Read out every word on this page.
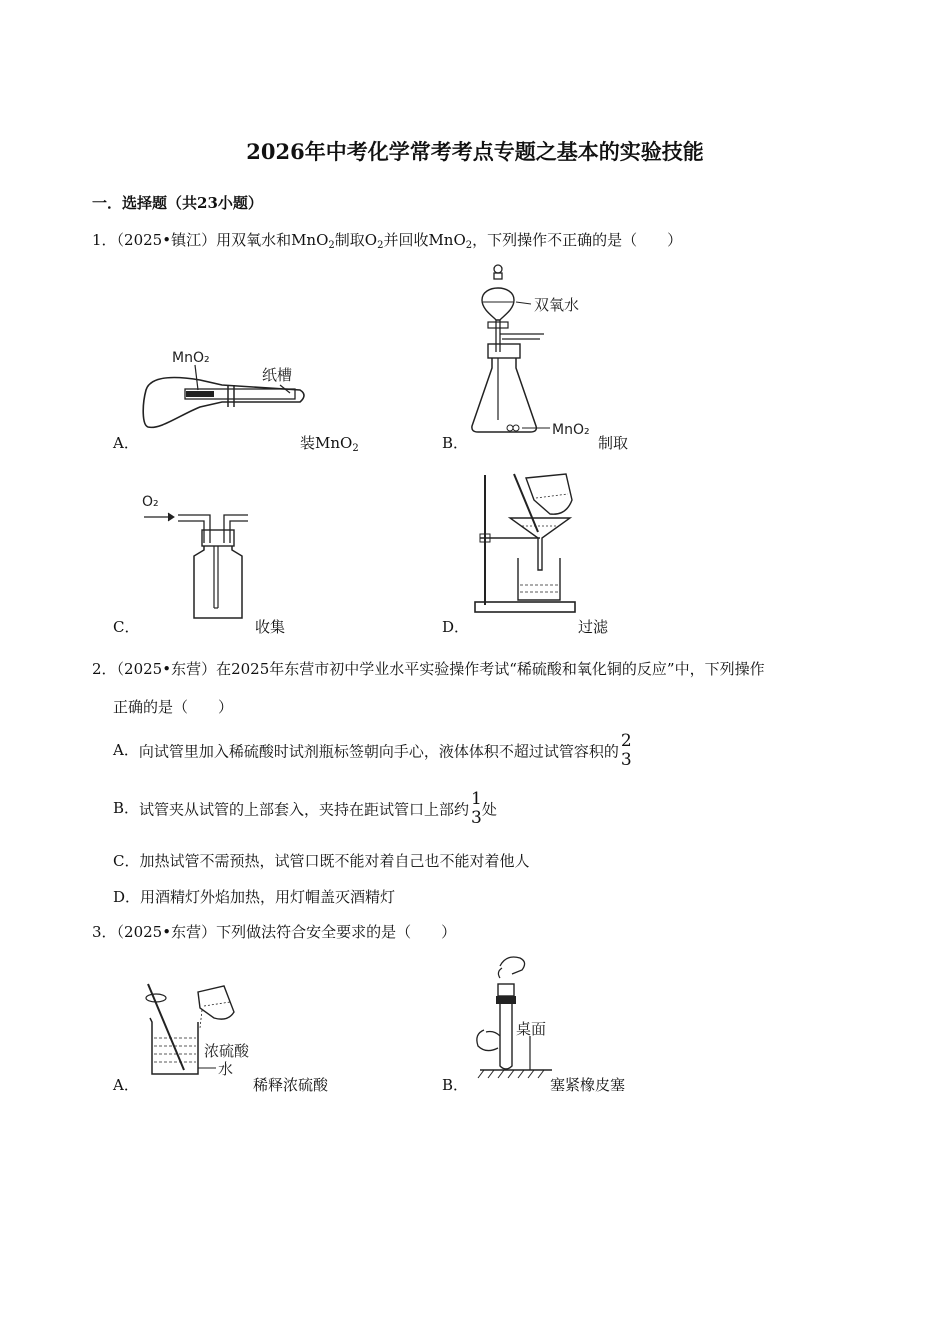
2026年中考化学常考考点专题之基本的实验技能
一．选择题（共23小题）
1．（2025•镇江）用双氧水和MnO$_2$制取$O_2$并回收MnO$_2$，下列操作不正确的是（　　）
MnO₂
纸槽
A．	装MnO$_2$
双氧水
MnO₂
B．	制取
O₂
C．	收集	D．	过滤
2．（2025•东营）在2025年东营市初中学业水平实验操作考试“稀硫酸和氧化铜的反应”中，下列操作
正确的是（　　）
A．向试管里加入稀硫酸时试剂瓶标签朝向手心，液体体积不超过试管容积的
2
3
B．试管夹从试管的上部套入，夹持在距试管口上部约
1
3 处
C．加热试管不需预热，试管口既不能对着自己也不能对着他人
D．用酒精灯外焰加热，用灯帽盖灭酒精灯
3．（2025•东营）下列做法符合安全要求的是（　　）
浓硫酸
水
A．	稀释浓硫酸
桌面
B．	塞紧橡皮塞
